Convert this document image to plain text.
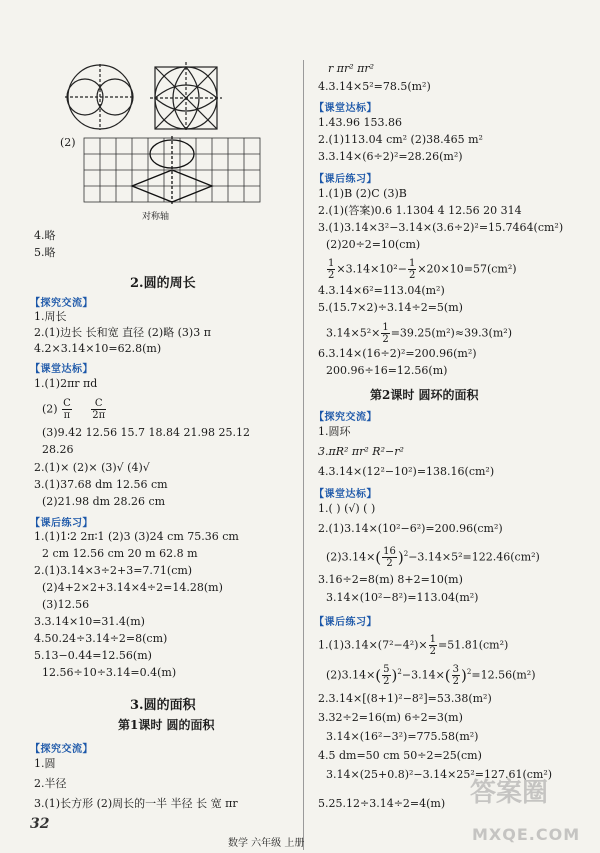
(2)
对称轴
4.略
5.略
2.圆的周长
【探究交流】
1.周长
2.(1)边长 长和宽 直径 (2)略 (3)3 π
4.2×3.14×10=62.8(m)
【课堂达标】
1.(1)2πr πd
$(2) \frac{C}{\pi}$
$\frac{C}{2\pi}$
(3)9.42 12.56 15.7 18.84 21.98 25.12
28.26
2.(1)× (2)× (3)√ (4)√
3.(1)37.68 dm 12.56 cm
(2)21.98 dm 28.26 cm
【课后练习】
1.(1)1∶2 2π∶1 (2)3 (3)24 cm 75.36 cm
2 cm 12.56 cm 20 m 62.8 m
2.(1)3.14×3÷2+3=7.71(cm)
(2)4+2×2+3.14×4÷2=14.28(m)
(3)12.56
3.3.14×10=31.4(m)
4.50.24÷3.14÷2=8(cm)
5.13−0.44=12.56(m)
12.56÷10÷3.14=0.4(m)
3.圆的面积
第1课时 圆的面积
【探究交流】
1.圆
2.半径
3.(1)长方形 (2)周长的一半 半径 长 宽 πr
r πr² πr²
4.3.14×5²=78.5(m²)
【课堂达标】
1.43.96 153.86
2.(1)113.04 cm² (2)38.465 m²
3.3.14×(6÷2)²=28.26(m²)
【课后练习】
1.(1)B (2)C (3)B
2.(1)(答案)0.6 1.1304 4 12.56 20 314
3.(1)3.14×3²−3.14×(3.6÷2)²=15.7464(cm²)
(2)20÷2=10(cm)
$\frac{1}{2} \times 3.14\times 10^2- \frac{1}{2} \times 20\times 10=57(cm^2)$
4.3.14×6²=113.04(m²)
5.(15.7×2)÷3.14÷2=5(m)
$3.14\times 5^2\times \frac{1}{2} =39.25(m^2)\approx 39.3(m^2)$
6.3.14×(16÷2)²=200.96(m²)
200.96÷16=12.56(m)
第2课时 圆环的面积
【探究交流】
1.圆环
3.πR² πr² R²−r²
4.3.14×(12²−10²)=138.16(cm²)
【课堂达标】
1.( ) (√) ( )
2.(1)3.14×(10²−6²)=200.96(cm²)
$(2)3.14\times( \frac{16}{2} )^2-3.14\times 5^2=122.46(cm^2)$
3.16÷2=8(m) 8+2=10(m)
3.14×(10²−8²)=113.04(m²)
【课后练习】
$1.(1)3.14\times(7^2-4^2)\times \frac{1}{2} =51.81(cm^2)$
$(2)3.14\times( \frac{5}{2} )^2-3.14\times( \frac{3}{2} )^2=12.56(m^2)$
2.3.14×[(8+1)²−8²]=53.38(m²)
3.32÷2=16(m) 6÷2=3(m)
3.14×(16²−3²)=775.58(m²)
4.5 dm=50 cm 50÷2=25(cm)
3.14×(25+0.8)²−3.14×25²=127.61(cm²)
5.25.12÷3.14÷2=4(m)
32
数学 六年级 上册
答案圈
MXQE.COM
